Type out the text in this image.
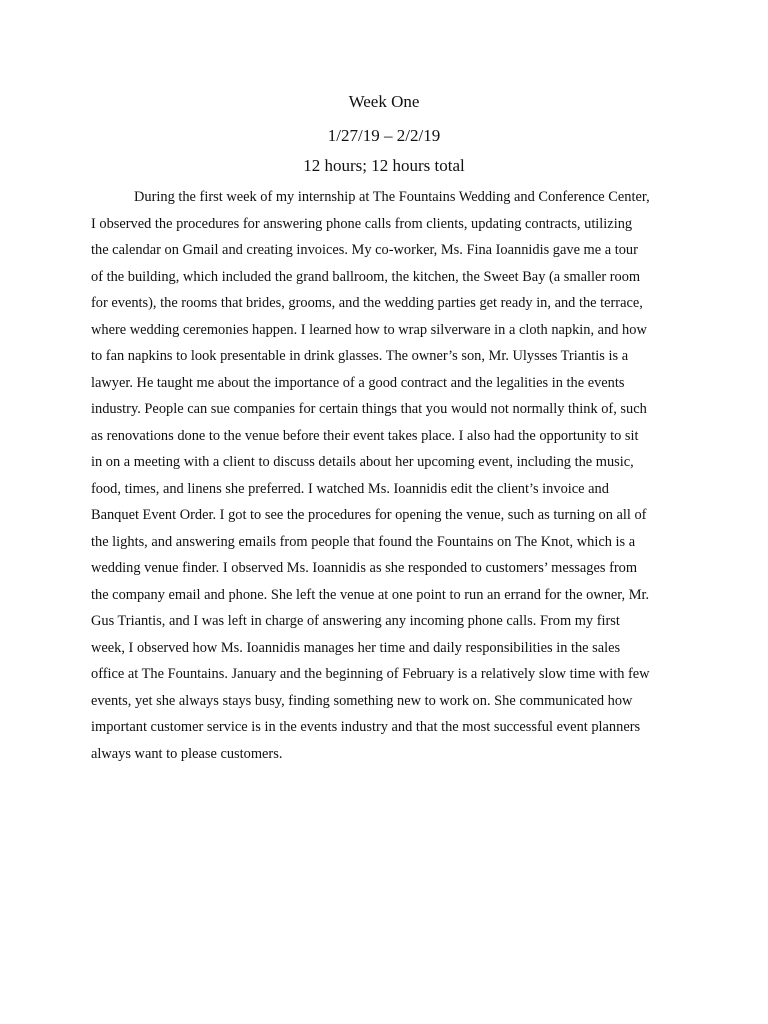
Week One
1/27/19 – 2/2/19
12 hours; 12 hours total
During the first week of my internship at The Fountains Wedding and Conference Center,
I observed the procedures for answering phone calls from clients, updating contracts, utilizing
the calendar on Gmail and creating invoices. My co-worker, Ms. Fina Ioannidis gave me a tour
of the building, which included the grand ballroom, the kitchen, the Sweet Bay (a smaller room
for events), the rooms that brides, grooms, and the wedding parties get ready in, and the terrace,
where wedding ceremonies happen. I learned how to wrap silverware in a cloth napkin, and how
to fan napkins to look presentable in drink glasses. The owner’s son, Mr. Ulysses Triantis is a
lawyer. He taught me about the importance of a good contract and the legalities in the events
industry. People can sue companies for certain things that you would not normally think of, such
as renovations done to the venue before their event takes place. I also had the opportunity to sit
in on a meeting with a client to discuss details about her upcoming event, including the music,
food, times, and linens she preferred. I watched Ms. Ioannidis edit the client’s invoice and
Banquet Event Order. I got to see the procedures for opening the venue, such as turning on all of
the lights, and answering emails from people that found the Fountains on The Knot, which is a
wedding venue finder. I observed Ms. Ioannidis as she responded to customers’ messages from
the company email and phone. She left the venue at one point to run an errand for the owner, Mr.
Gus Triantis, and I was left in charge of answering any incoming phone calls. From my first
week, I observed how Ms. Ioannidis manages her time and daily responsibilities in the sales
office at The Fountains. January and the beginning of February is a relatively slow time with few
events, yet she always stays busy, finding something new to work on. She communicated how
important customer service is in the events industry and that the most successful event planners
always want to please customers.
